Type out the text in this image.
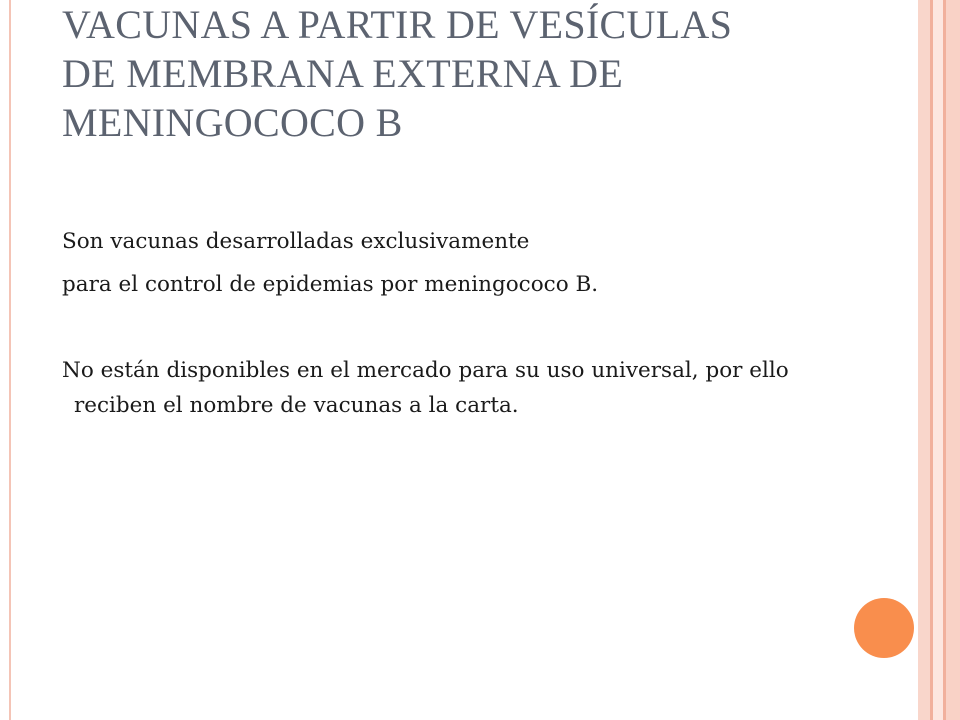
VACUNAS A PARTIR DE VESÍCULAS
DE MEMBRANA EXTERNA DE
MENINGOCOCO B

Son vacunas desarrolladas exclusivamente

para el control de epidemias por meningococo B.

No están disponibles en el mercado para su uso universal, por ello reciben el nombre de vacunas a la carta.
